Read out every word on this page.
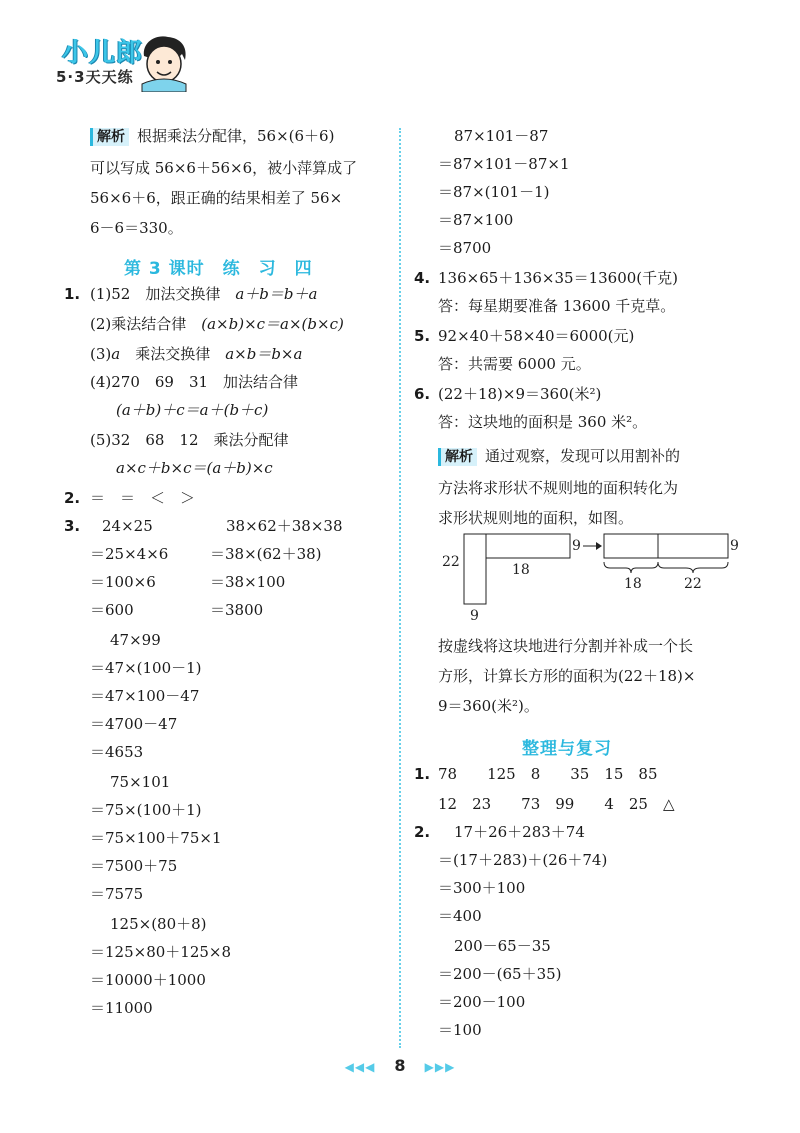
小儿郎
5·3天天练
解析 根据乘法分配律，56×(6＋6)
可以写成 56×6＋56×6，被小萍算成了
56×6＋6，跟正确的结果相差了 56×
6－6＝330。
第 3 课时　练　习　四
1. (1)52　加法交换律　a＋b＝b＋a
(2)乘法结合律　(a×b)×c＝a×(b×c)
(3)a　乘法交换律　a×b＝b×a
(4)270　69　31　加法结合律
(a＋b)＋c＝a＋(b＋c)
(5)32　68　12　乘法分配律
a×c＋b×c＝(a＋b)×c
2. ＝　＝　＜　＞
3. 24×25
＝25×4×6
＝100×6
＝600
38×62＋38×38
＝38×(62＋38)
＝38×100
＝3800
47×99
＝47×(100－1)
＝47×100－47
＝4700－47
＝4653
75×101
＝75×(100＋1)
＝75×100＋75×1
＝7500＋75
＝7575
125×(80＋8)
＝125×80＋125×8
＝10000＋1000
＝11000
87×101－87
＝87×101－87×1
＝87×(101－1)
＝87×100
＝8700
4. 136×65＋136×35＝13600(千克)
答：每星期要准备 13600 千克草。
5. 92×40＋58×40＝6000(元)
答：共需要 6000 元。
6. (22＋18)×9＝360(米²)
答：这块地的面积是 360 米²。
解析 通过观察，发现可以用割补的
方法将求形状不规则地的面积转化为
求形状规则地的面积，如图。
22	18
9
9
9
18	22
按虚线将这块地进行分割并补成一个长
方形，计算长方形的面积为(22＋18)×
9＝360(米²)。
整理与复习
1. 78　　125　8　　35　15　85
12　23　　73　99　　4　25　△
2. 17＋26＋283＋74
＝(17＋283)＋(26＋74)
＝300＋100
＝400
200－65－35
＝200－(65＋35)
＝200－100
＝100
◀◀◀ 8 ▶▶▶
